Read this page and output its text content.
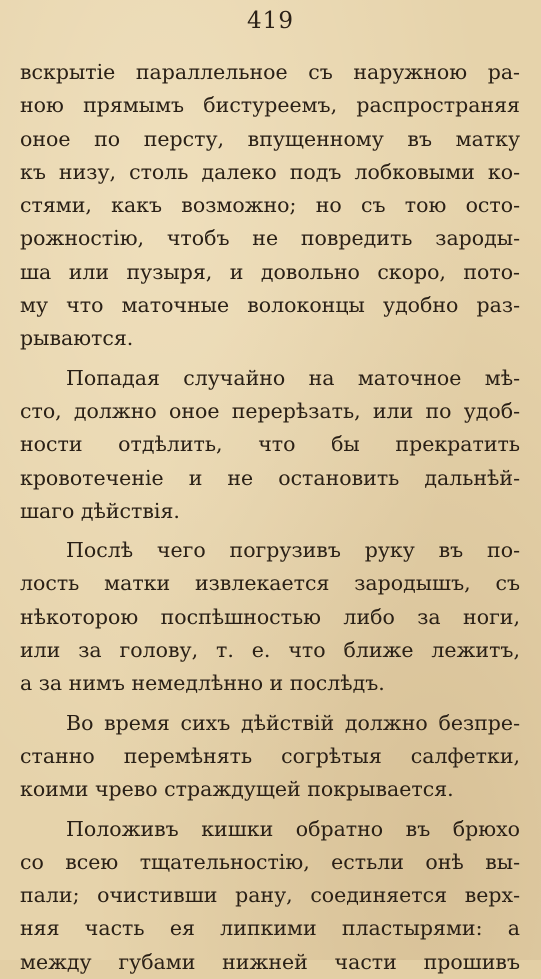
419
вскрытіе параллельное съ наружною ра-
ною прямымъ бистуреемъ, распространяя
оное по персту, впущенному въ матку
къ низу, столь далеко подъ лобковыми ко-
стями, какъ возможно; но съ тою осто-
рожностію, чтобъ не повредить зароды-
ша или пузыря, и довольно скоро, пото-
му что маточные волоконцы удобно раз-
рываются.
Попадая случайно на маточное мѣ-
сто, должно оное перерѣзать, или по удоб-
ности отдѣлить, что бы прекратить
кровотеченіе и не остановить дальнѣй-
шаго дѣйствія.
Послѣ чего погрузивъ руку въ по-
лость матки извлекается зародышъ, съ
нѣкоторою поспѣшностью либо за ноги,
или за голову, т. е. что ближе лежитъ,
а за нимъ немедлѣнно и послѣдъ.
Во время сихъ дѣйствій должно безпре-
станно перемѣнять согрѣтыя салфетки,
коими чрево страждущей покрывается.
Положивъ кишки обратно въ брюхо
со всею тщательностію, естьли онѣ вы-
пали; очистивши рану, соединяется верх-
няя часть ея липкими пластырями: а
между губами нижней части прошивъ
